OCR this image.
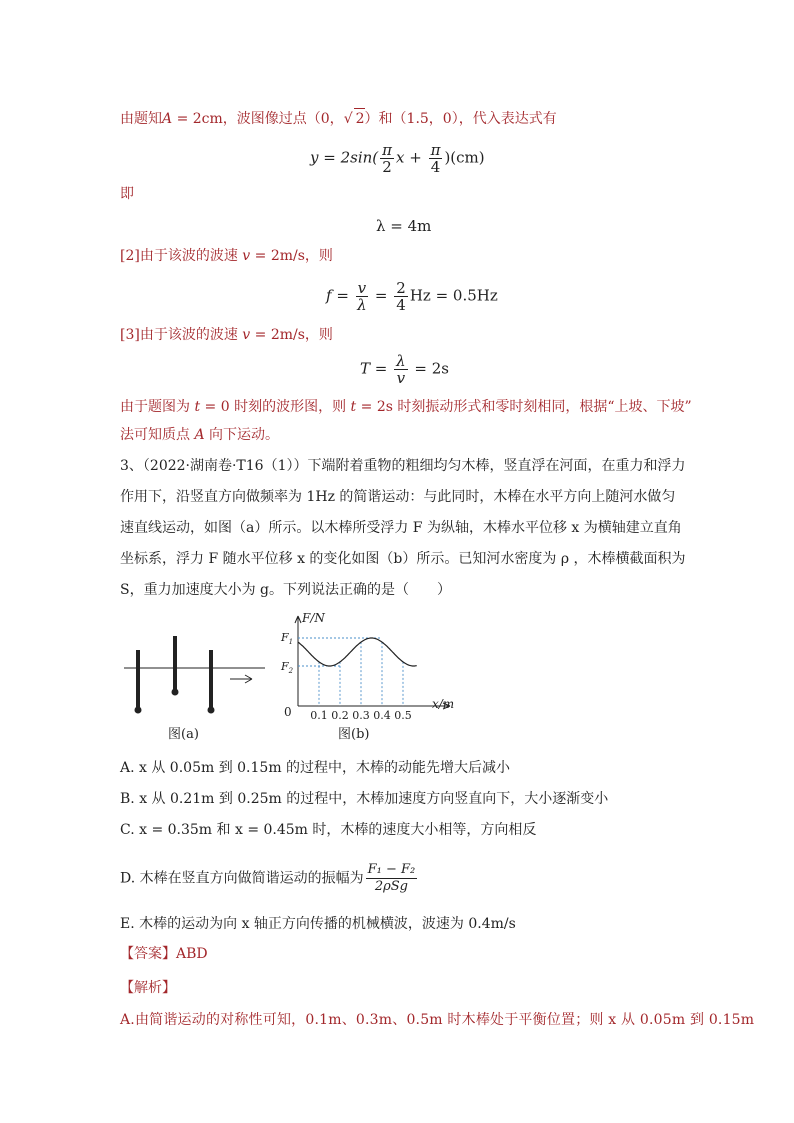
由题知A = 2cm，波图像过点（0，√ 2）和（1.5，0），代入表达式有
$y = 2\sin( \frac{\pi}{2}$ $x + \frac{\pi}{4} )(cm)$
即
λ = 4m
[2]由于该波的波速 v = 2m/s，则
$f = \frac{v}{\lambda} = \frac{2}{4}$ Hz = 0.5Hz
[3]由于该波的波速 v = 2m/s，则
$T = \frac{\lambda}{v} = 2s$
由于题图为 t = 0 时刻的波形图，则 t = 2s 时刻振动形式和零时刻相同，根据“上坡、下坡”
法可知质点 A 向下运动。
3、（2022·湖南卷·T16（1））下端附着重物的粗细均匀木棒，竖直浮在河面，在重力和浮力
作用下，沿竖直方向做频率为 1Hz 的简谐运动：与此同时，木棒在水平方向上随河水做匀
速直线运动，如图（a）所示。以木棒所受浮力 F 为纵轴，木棒水平位移 x 为横轴建立直角
坐标系，浮力 F 随水平位移 x 的变化如图（b）所示。已知河水密度为 ρ ，木棒横截面积为
S，重力加速度大小为 g。下列说法正确的是（　　）
图(a)
F/N
x/m
0
$F_1$
$F_2$
0.1 0.2 0.3 0.4 0.5
图(b)
A. x 从 0.05m 到 0.15m 的过程中，木棒的动能先增大后减小
B. x 从 0.21m 到 0.25m 的过程中，木棒加速度方向竖直向下，大小逐渐变小
C. x = 0.35m 和 x = 0.45m 时，木棒的速度大小相等，方向相反
D. 木棒在竖直方向做简谐运动的振幅为 $\frac{\text{F₁ − F₂}}{\text{2ρSg}}$
E. 木棒的运动为向 x 轴正方向传播的机械横波，波速为 0.4m/s
【答案】ABD
【解析】
A.由简谐运动的对称性可知，0.1m、0.3m、0.5m 时木棒处于平衡位置；则 x 从 0.05m 到 0.15m
